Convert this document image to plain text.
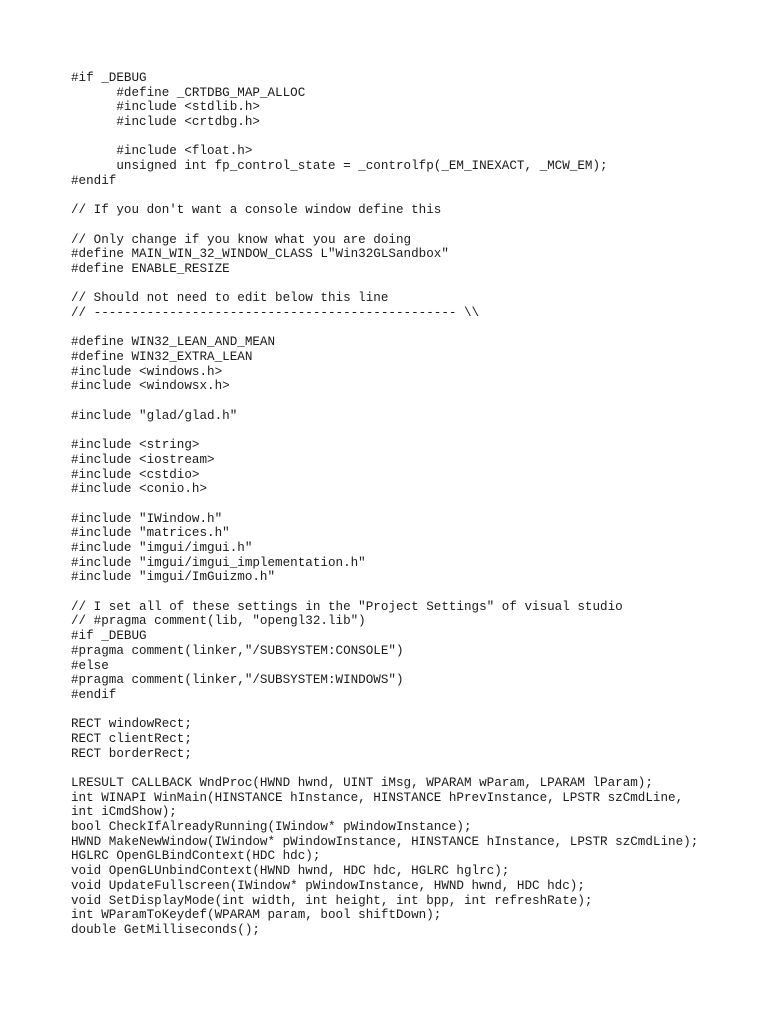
#if _DEBUG
#define _CRTDBG_MAP_ALLOC
#include <stdlib.h>
#include <crtdbg.h>
#include <float.h>
unsigned int fp_control_state = _controlfp(_EM_INEXACT, _MCW_EM);
#endif
// If you don't want a console window define this
// Only change if you know what you are doing
#define MAIN_WIN_32_WINDOW_CLASS L"Win32GLSandbox"
#define ENABLE_RESIZE
// Should not need to edit below this line
// ------------------------------------------------ \\
#define WIN32_LEAN_AND_MEAN
#define WIN32_EXTRA_LEAN
#include <windows.h>
#include <windowsx.h>
#include "glad/glad.h"
#include <string>
#include <iostream>
#include <cstdio>
#include <conio.h>
#include "IWindow.h"
#include "matrices.h"
#include "imgui/imgui.h"
#include "imgui/imgui_implementation.h"
#include "imgui/ImGuizmo.h"
// I set all of these settings in the "Project Settings" of visual studio
// #pragma comment(lib, "opengl32.lib")
#if _DEBUG
#pragma comment(linker,"/SUBSYSTEM:CONSOLE")
#else
#pragma comment(linker,"/SUBSYSTEM:WINDOWS")
#endif
RECT windowRect;
RECT clientRect;
RECT borderRect;
LRESULT CALLBACK WndProc(HWND hwnd, UINT iMsg, WPARAM wParam, LPARAM lParam);
int WINAPI WinMain(HINSTANCE hInstance, HINSTANCE hPrevInstance, LPSTR szCmdLine,
int iCmdShow);
bool CheckIfAlreadyRunning(IWindow* pWindowInstance);
HWND MakeNewWindow(IWindow* pWindowInstance, HINSTANCE hInstance, LPSTR szCmdLine);
HGLRC OpenGLBindContext(HDC hdc);
void OpenGLUnbindContext(HWND hwnd, HDC hdc, HGLRC hglrc);
void UpdateFullscreen(IWindow* pWindowInstance, HWND hwnd, HDC hdc);
void SetDisplayMode(int width, int height, int bpp, int refreshRate);
int WParamToKeydef(WPARAM param, bool shiftDown);
double GetMilliseconds();
